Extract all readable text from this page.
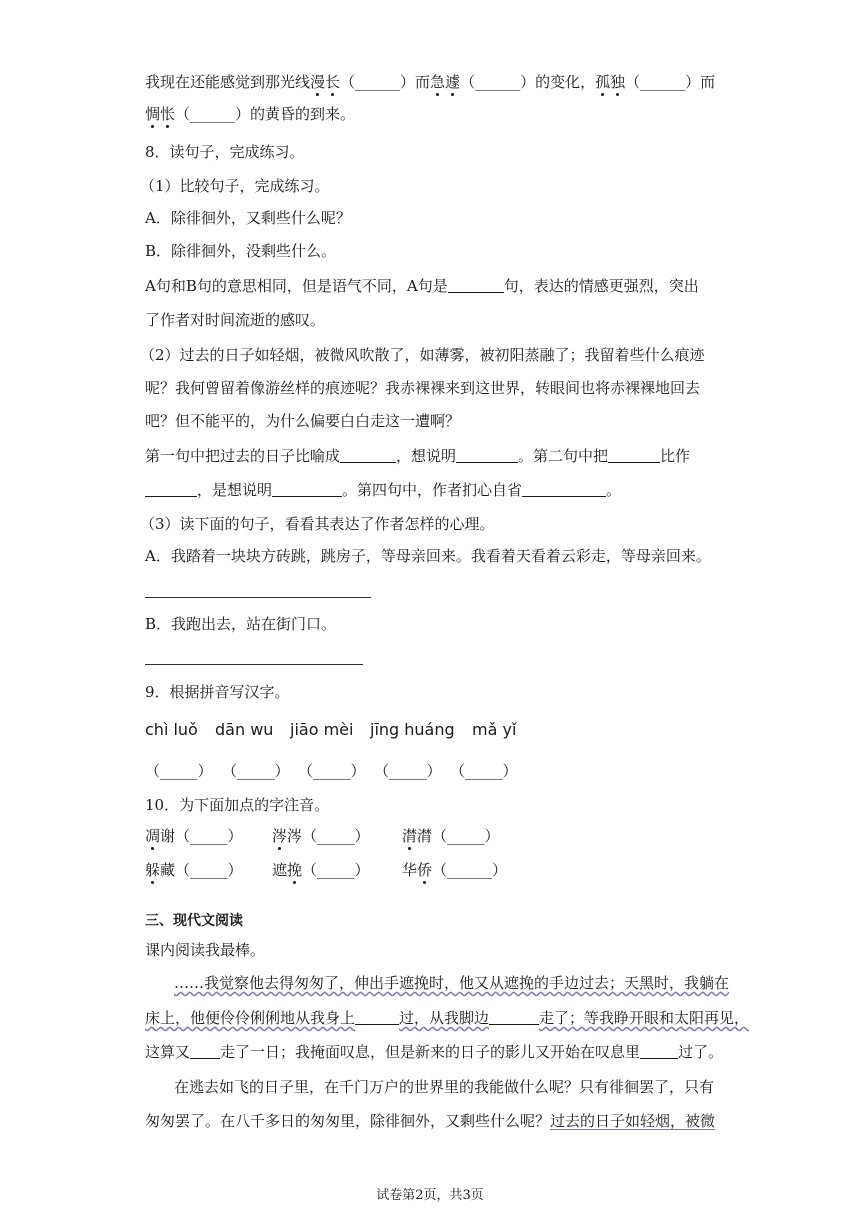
我现在还能感觉到那光线漫长（______）而急遽（______）的变化，孤独（______）而
惆怅（______）的黄昏的到来。
8．读句子，完成练习。
（1）比较句子，完成练习。
A．除徘徊外，又剩些什么呢？
B．除徘徊外，没剩些什么。
A句和B句的意思相同，但是语气不同，A句是	句，表达的情感更强烈，突出
了作者对时间流逝的感叹。
（2）过去的日子如轻烟，被微风吹散了，如薄雾，被初阳蒸融了；我留着些什么痕迹
呢？我何曾留着像游丝样的痕迹呢？我赤裸裸来到这世界，转眼间也将赤裸裸地回去
吧？但不能平的，为什么偏要白白走这一遭啊？
第一句中把过去的日子比喻成	，想说明	。第二句中把	比作
，是想说明	。第四句中，作者扪心自省	。
（3）读下面的句子，看看其表达了作者怎样的心理。
A．我踏着一块块方砖跳，跳房子，等母亲回来。我看着天看着云彩走，等母亲回来。
B．我跑出去，站在街门口。
9．根据拼音写汉字。
chì luǒ dān wu jiāo mèi jīng huáng mǎ yǐ
（_____） （_____） （_____） （_____） （_____）
10．为下面加点的字注音。
凋谢（_____） 涔涔（_____） 潸潸（_____）
躲藏（_____） 遮挽（_____） 华侨（______）
三、现代文阅读
课内阅读我最棒。
……我觉察他去得匆匆了，伸出手遮挽时，他又从遮挽的手边过去；天黑时，我躺在
床上，他便伶伶俐俐地从我身上	过，从我脚边	走了；等我睁开眼和太阳再见，
这算又 走了一日；我掩面叹息，但是新来的日子的影儿又开始在叹息里	过了。
在逃去如飞的日子里，在千门万户的世界里的我能做什么呢？只有徘徊罢了，只有
匆匆罢了。在八千多日的匆匆里，除徘徊外，又剩些什么呢？过去的日子如轻烟，被微
试卷第2页，共3页
